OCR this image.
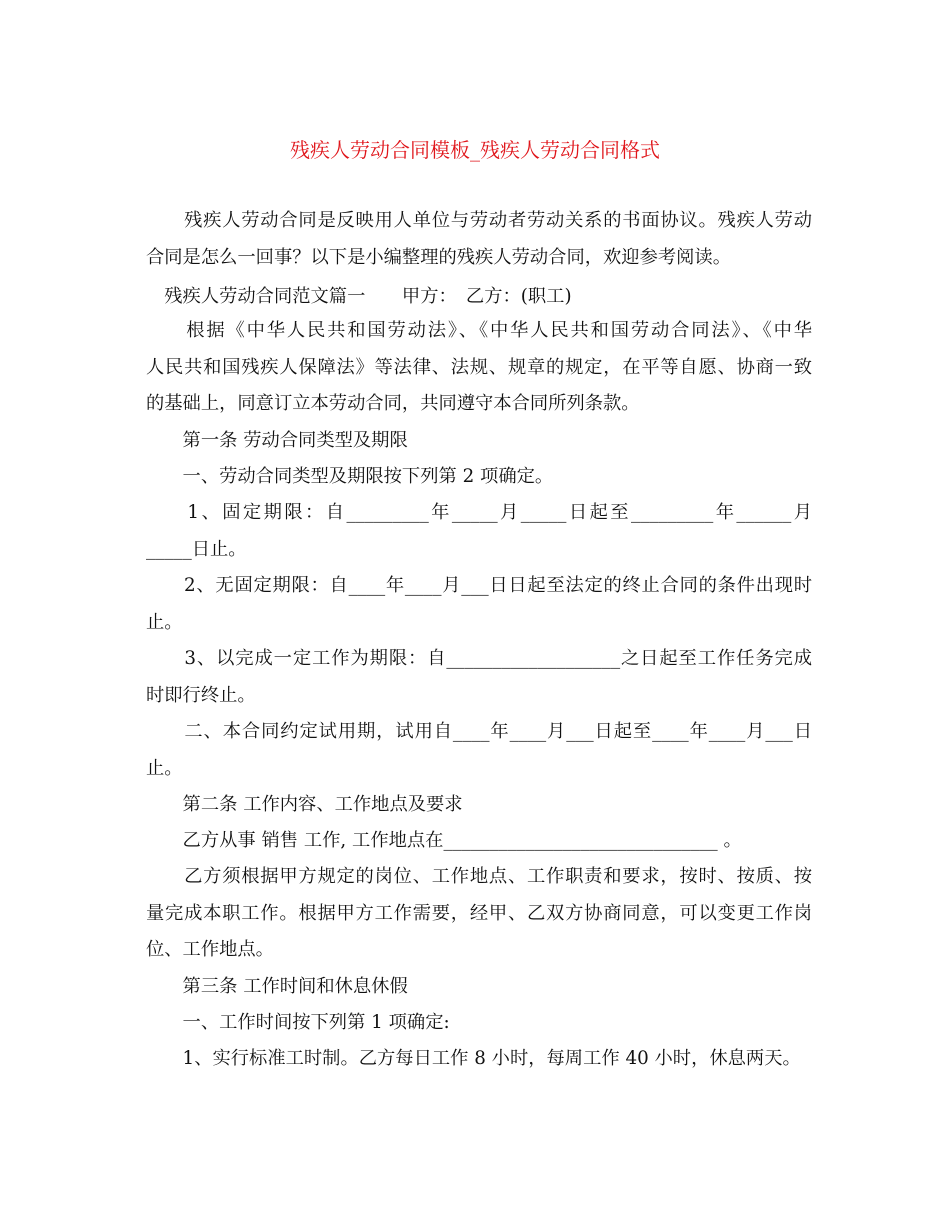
残疾人劳动合同模板_残疾人劳动合同格式

　　残疾人劳动合同是反映用人单位与劳动者劳动关系的书面协议。残疾人劳动
合同是怎么一回事？以下是小编整理的残疾人劳动合同，欢迎参考阅读。

　残疾人劳动合同范文篇一　　甲方：　乙方：(职工)

　　根据《中华人民共和国劳动法》、《中华人民共和国劳动合同法》、《中华
人民共和国残疾人保障法》等法律、法规、规章的规定，在平等自愿、协商一致
的基础上，同意订立本劳动合同，共同遵守本合同所列条款。

　　第一条 劳动合同类型及期限

　　一、劳动合同类型及期限按下列第 2 项确定。

　　1、固定期限：自_________年_____月_____日起至_________年______月
_____日止。

　　2、无固定期限：自____年____月___日日起至法定的终止合同的条件出现时
止。

　　3、以完成一定工作为期限：自___________________之日起至工作任务完成
时即行终止。

　　二、本合同约定试用期，试用自____年____月___日起至____年____月___日
止。

　　第二条 工作内容、工作地点及要求

　　乙方从事 销售 工作, 工作地点在______________________________ 。

　　乙方须根据甲方规定的岗位、工作地点、工作职责和要求，按时、按质、按
量完成本职工作。根据甲方工作需要，经甲、乙双方协商同意，可以变更工作岗
位、工作地点。

　　第三条 工作时间和休息休假

　　一、工作时间按下列第 1 项确定:

　　1、实行标准工时制。乙方每日工作 8 小时，每周工作 40 小时，休息两天。
